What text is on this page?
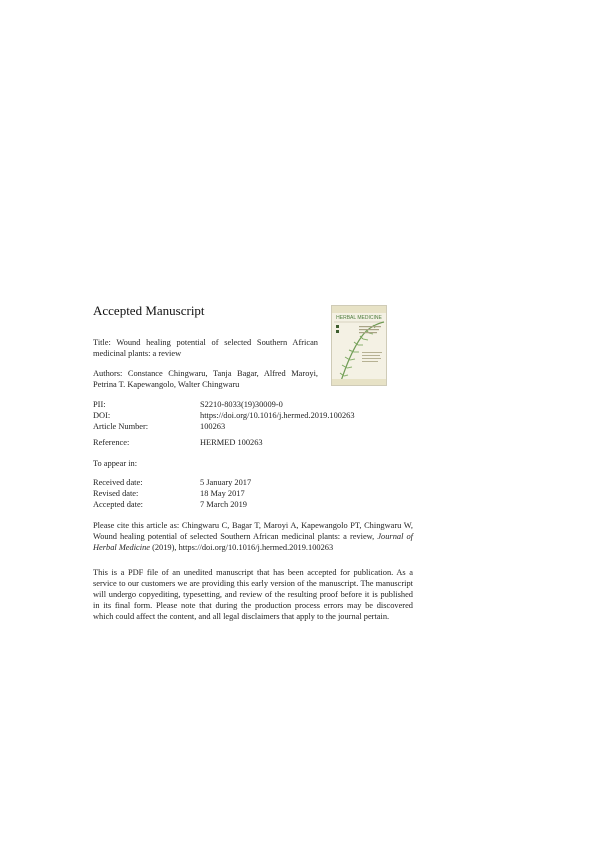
Accepted Manuscript	HERBAL MEDICINE
Title: Wound healing potential of selected Southern African medicinal plants: a review
Authors: Constance Chingwaru, Tanja Bagar, Alfred Maroyi, Petrina T. Kapewangolo, Walter Chingwaru
PII:	S2210-8033(19)30009-0
DOI:	https://doi.org/10.1016/j.hermed.2019.100263
Article Number:	100263
Reference:	HERMED 100263
To appear in:
Received date:	5 January 2017
Revised date:	18 May 2017
Accepted date:	7 March 2019
Please cite this article as: Chingwaru C, Bagar T, Maroyi A, Kapewangolo PT, Chingwaru W, Wound healing potential of selected Southern African medicinal plants: a review, Journal of Herbal Medicine (2019), https://doi.org/10.1016/j.hermed.2019.100263
This is a PDF file of an unedited manuscript that has been accepted for publication. As a service to our customers we are providing this early version of the manuscript. The manuscript will undergo copyediting, typesetting, and review of the resulting proof before it is published in its final form. Please note that during the production process errors may be discovered which could affect the content, and all legal disclaimers that apply to the journal pertain.
